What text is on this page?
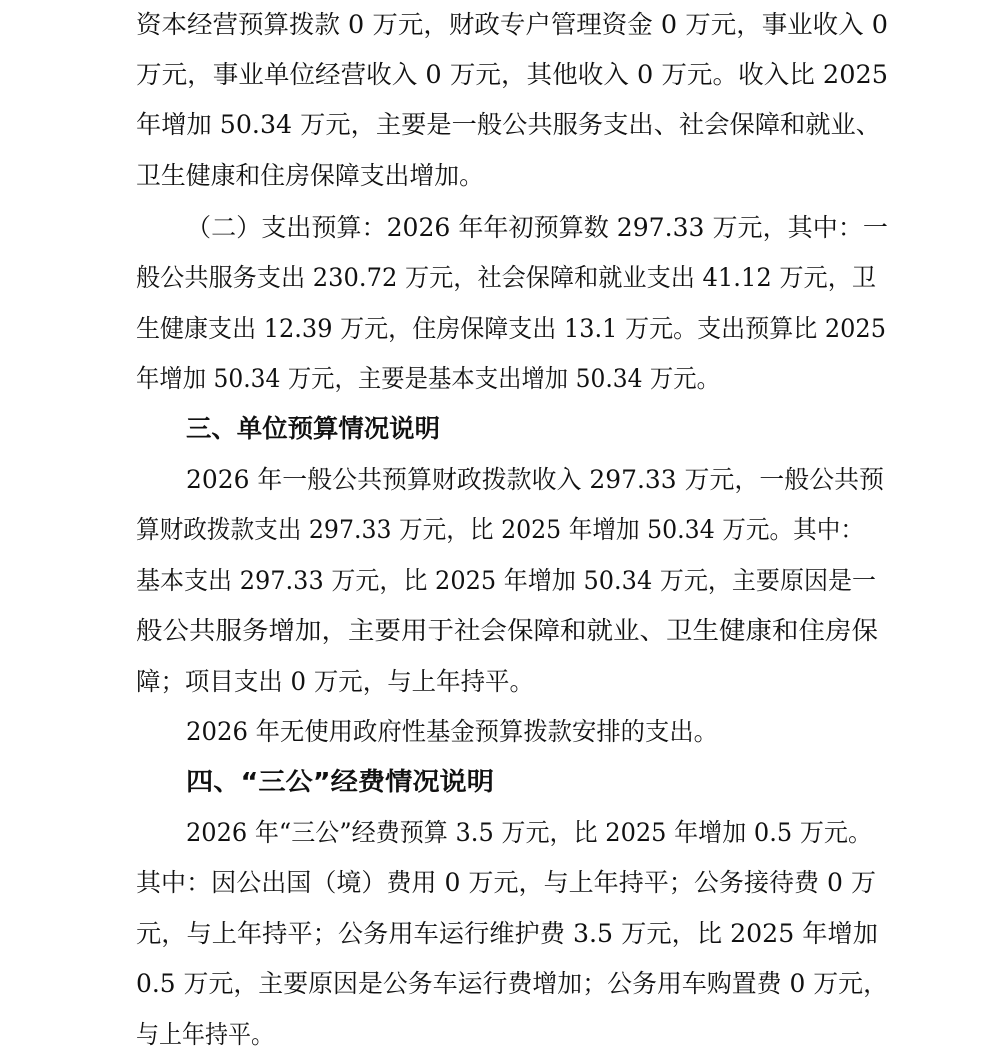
资本经营预算拨款 0 万元，财政专户管理资金 0 万元，事业收入 0
万元，事业单位经营收入 0 万元，其他收入 0 万元。收入比 2025
年增加 50.34 万元，主要是一般公共服务支出、社会保障和就业、
卫生健康和住房保障支出增加。
（二）支出预算：2026 年年初预算数 297.33 万元，其中：一
般公共服务支出 230.72 万元，社会保障和就业支出 41.12 万元，卫
生健康支出 12.39 万元，住房保障支出 13.1 万元。支出预算比 2025
年增加 50.34 万元，主要是基本支出增加 50.34 万元。
三、单位预算情况说明
2026 年一般公共预算财政拨款收入 297.33 万元，一般公共预
算财政拨款支出 297.33 万元，比 2025 年增加 50.34 万元。其中：
基本支出 297.33 万元，比 2025 年增加 50.34 万元，主要原因是一
般公共服务增加，主要用于社会保障和就业、卫生健康和住房保
障；项目支出 0 万元，与上年持平。
2026 年无使用政府性基金预算拨款安排的支出。
四、“三公”经费情况说明
2026 年“三公”经费预算 3.5 万元，比 2025 年增加 0.5 万元。
其中：因公出国（境）费用 0 万元，与上年持平；公务接待费 0 万
元，与上年持平；公务用车运行维护费 3.5 万元，比 2025 年增加
0.5 万元，主要原因是公务车运行费增加；公务用车购置费 0 万元，
与上年持平。
